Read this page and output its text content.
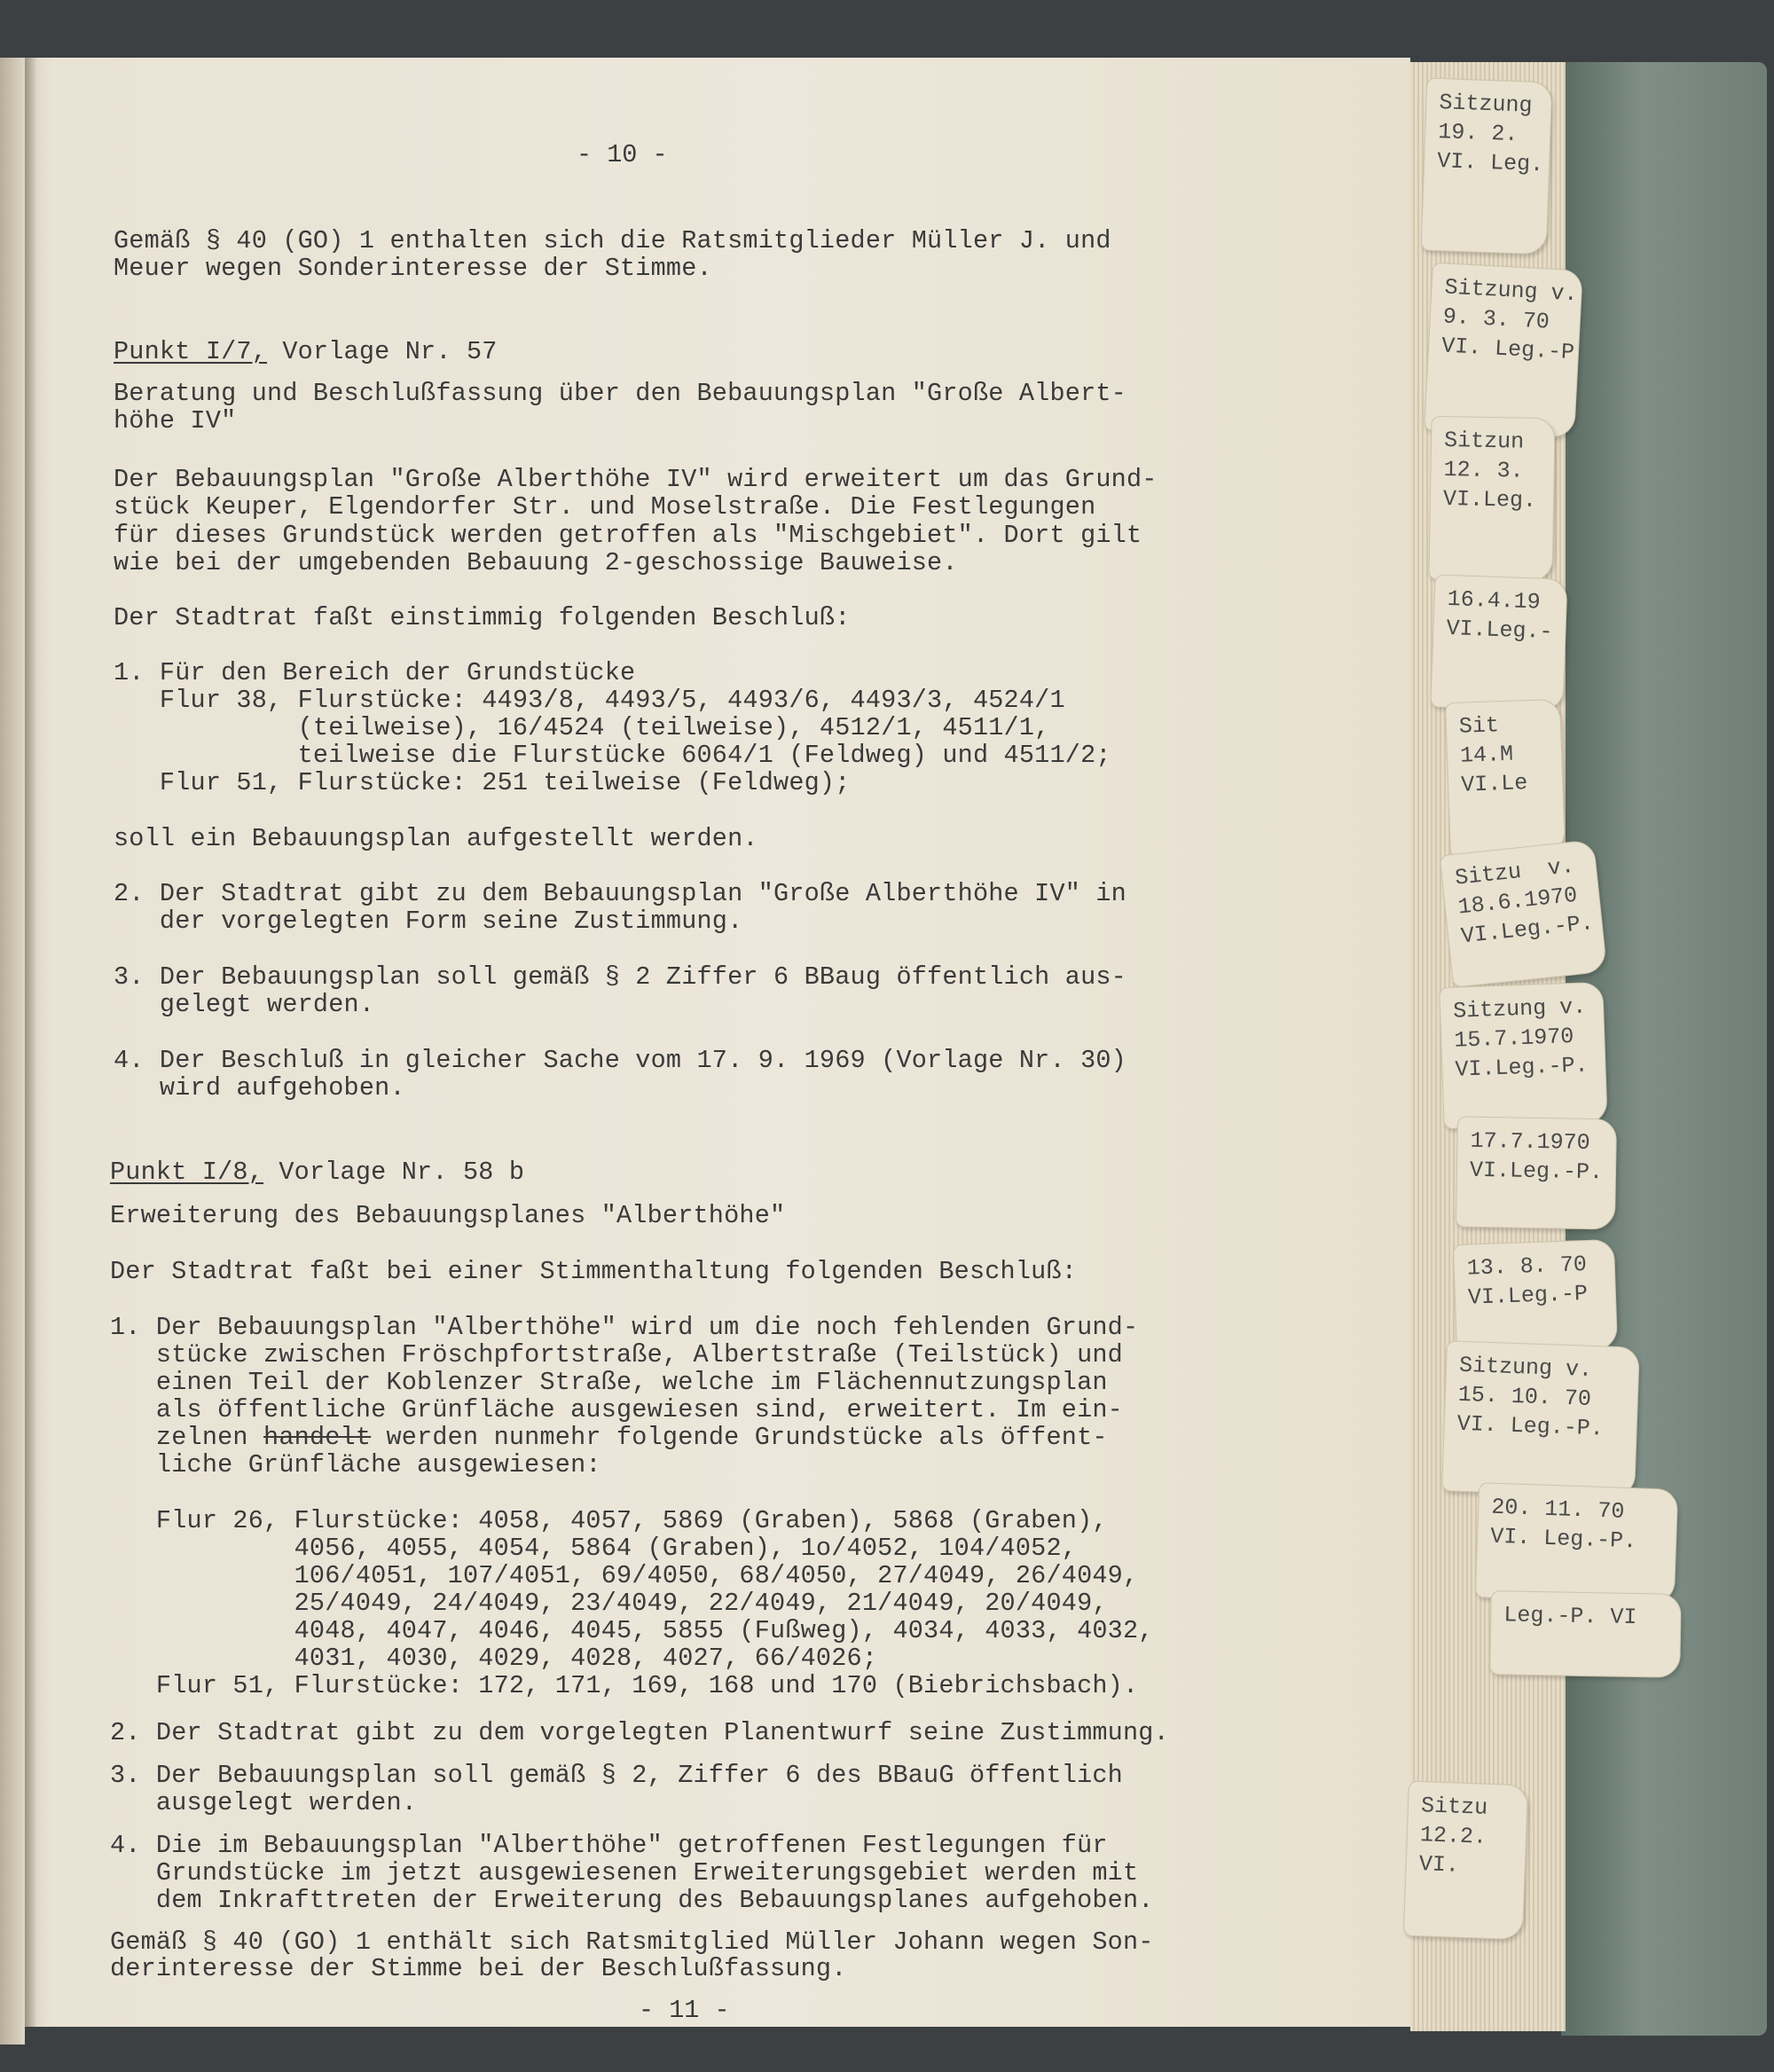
- 10 -
Gemäß § 40 (GO) 1 enthalten sich die Ratsmitglieder Müller J. und
Meuer wegen Sonderinteresse der Stimme.
Punkt I/7, Vorlage Nr. 57
Beratung und Beschlußfassung über den Bebauungsplan "Große Albert-
höhe IV"
Der Bebauungsplan "Große Alberthöhe IV" wird erweitert um das Grund-
stück Keuper, Elgendorfer Str. und Moselstraße. Die Festlegungen
für dieses Grundstück werden getroffen als "Mischgebiet". Dort gilt
wie bei der umgebenden Bebauung 2-geschossige Bauweise.
Der Stadtrat faßt einstimmig folgenden Beschluß:
1. Für den Bereich der Grundstücke
Flur 38, Flurstücke: 4493/8, 4493/5, 4493/6, 4493/3, 4524/1
(teilweise), 16/4524 (teilweise), 4512/1, 4511/1,
teilweise die Flurstücke 6064/1 (Feldweg) und 4511/2;
Flur 51, Flurstücke: 251 teilweise (Feldweg);
soll ein Bebauungsplan aufgestellt werden.
2. Der Stadtrat gibt zu dem Bebauungsplan "Große Alberthöhe IV" in
der vorgelegten Form seine Zustimmung.
3. Der Bebauungsplan soll gemäß § 2 Ziffer 6 BBaug öffentlich aus-
gelegt werden.
4. Der Beschluß in gleicher Sache vom 17. 9. 1969 (Vorlage Nr. 30)
wird aufgehoben.
Punkt I/8, Vorlage Nr. 58 b
Erweiterung des Bebauungsplanes "Alberthöhe"
Der Stadtrat faßt bei einer Stimmenthaltung folgenden Beschluß:
1. Der Bebauungsplan "Alberthöhe" wird um die noch fehlenden Grund-
stücke zwischen Fröschpfortstraße, Albertstraße (Teilstück) und
einen Teil der Koblenzer Straße, welche im Flächennutzungsplan
als öffentliche Grünfläche ausgewiesen sind, erweitert. Im ein-
zelnen handelt werden nunmehr folgende Grundstücke als öffent-
liche Grünfläche ausgewiesen:
Flur 26, Flurstücke: 4058, 4057, 5869 (Graben), 5868 (Graben),
4056, 4055, 4054, 5864 (Graben), 1o/4052, 104/4052,
106/4051, 107/4051, 69/4050, 68/4050, 27/4049, 26/4049,
25/4049, 24/4049, 23/4049, 22/4049, 21/4049, 20/4049,
4048, 4047, 4046, 4045, 5855 (Fußweg), 4034, 4033, 4032,
4031, 4030, 4029, 4028, 4027, 66/4026;
Flur 51, Flurstücke: 172, 171, 169, 168 und 170 (Biebrichsbach).
2. Der Stadtrat gibt zu dem vorgelegten Planentwurf seine Zustimmung.
3. Der Bebauungsplan soll gemäß § 2, Ziffer 6 des BBauG öffentlich
ausgelegt werden.
4. Die im Bebauungsplan "Alberthöhe" getroffenen Festlegungen für
Grundstücke im jetzt ausgewiesenen Erweiterungsgebiet werden mit
dem Inkrafttreten der Erweiterung des Bebauungsplanes aufgehoben.
Gemäß § 40 (GO) 1 enthält sich Ratsmitglied Müller Johann wegen Son-
derinteresse der Stimme bei der Beschlußfassung.
- 11 -
Sitzung
19. 2.
VI. Leg.
Sitzung v.
9. 3. 70
VI. Leg.-P
Sitzun
12. 3.
VI.Leg.
16.4.19
VI.Leg.-
Sit
14.M
VI.Le
Sitzu  v.
18.6.1970
VI.Leg.-P.
Sitzung v.
15.7.1970
VI.Leg.-P.
17.7.1970
VI.Leg.-P.
13. 8. 70
VI.Leg.-P
Sitzung v.
15. 10. 70
VI. Leg.-P.
20. 11. 70
VI. Leg.-P.
Leg.-P. VI
Sitzu
12.2.
VI.
